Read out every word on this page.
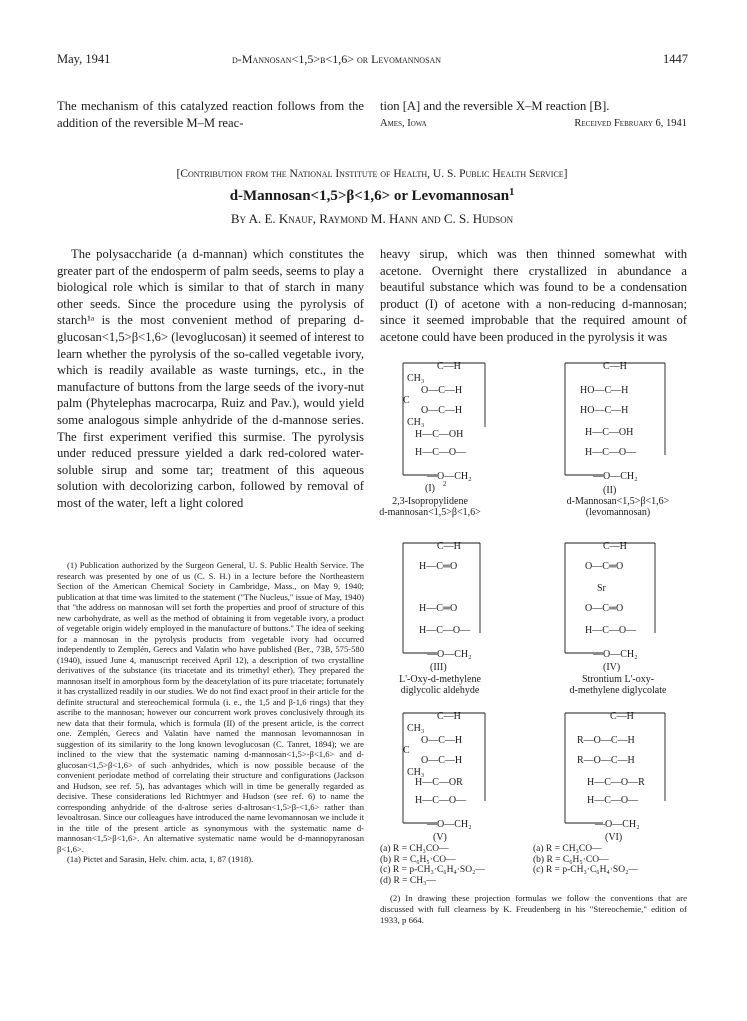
May, 1941	d-Mannosan<1,5>β<1,6> or Levomannosan	1447
The mechanism of this catalyzed reaction follows from the addition of the reversible M–M reac-
tion [A] and the reversible X–M reaction [B].
Ames, Iowa	Received February 6, 1941
[Contribution from the National Institute of Health, U. S. Public Health Service]
d-Mannosan<1,5>β<1,6> or Levomannosan$^1$
By A. E. Knauf, Raymond M. Hann and C. S. Hudson

The polysaccharide (a d-mannan) which constitutes the greater part of the endosperm of palm seeds, seems to play a biological role which is similar to that of starch in many other seeds. Since the procedure using the pyrolysis of starch¹ᵃ is the most convenient method of preparing d-glucosan<1,5>β<1,6> (levoglucosan) it seemed of interest to learn whether the pyrolysis of the so-called vegetable ivory, which is readily available as waste turnings, etc., in the manufacture of buttons from the large seeds of the ivory-nut palm (Phytelephas macrocarpa, Ruiz and Pav.), would yield some analogous simple anhydride of the d-mannose series. The first experiment verified this surmise. The pyrolysis under reduced pressure yielded a dark red-colored water-soluble sirup and some tar; treatment of this aqueous solution with decolorizing carbon, followed by removal of most of the water, left a light colored

(1) Publication authorized by the Surgeon General, U. S. Public Health Service. The research was presented by one of us (C. S. H.) in a lecture before the Northeastern Section of the American Chemical Society in Cambridge, Mass., on May 9, 1940; publication at that time was limited to the statement ("The Nucleus," issue of May, 1940) that "the address on mannosan will set forth the properties and proof of structure of this new carbohydrate, as well as the method of obtaining it from vegetable ivory, a product of vegetable origin widely employed in the manufacture of buttons." The idea of seeking for a mannosan in the pyrolysis products from vegetable ivory had occurred independently to Zemplén, Gerecs and Valatin who have published (Ber., 73B, 575-580 (1940), issued June 4, manuscript received April 12), a description of two crystalline derivatives of the substance (its triacetate and its trimethyl ether). They prepared the mannosan itself in amorphous form by the deacetylation of its pure triacetate; fortunately it has crystallized readily in our studies. We do not find exact proof in their article for the definite structural and stereochemical formula (i. e., the 1,5 and β-1,6 rings) that they ascribe to the mannosan; however our concurrent work proves conclusively through its new data that their formula, which is formula (II) of the present article, is the correct one. Zemplén, Gerecs and Valatin have named the mannosan levomannosan in suggestion of its similarity to the long known levoglucosan (C. Tanret, 1894); we are inclined to the view that the systematic naming d-mannosan<1,5>-β<1,6> and d-glucosan<1,5>β<1,6> of such anhydrides, which is now possible because of the convenient periodate method of correlating their structure and configurations (Jackson and Hudson, see ref. 5), has advantages which will in time be generally regarded as decisive. These considerations led Richtmyer and Hudson (see ref. 6) to name the corresponding anhydride of the d-altrose series d-altrosan<1,5>β-<1,6> rather than levoaltrosan. Since our colleagues have introduced the name levomannosan we include it in the title of the present article as synonymous with the systematic name d-mannosan<1,5>β<1,6>. An alternative systematic name would be d-mannopyranosan β<1,6>.

(1a) Pictet and Sarasin, Helv. chim. acta, 1, 87 (1918).

heavy sirup, which was then thinned somewhat with acetone. Overnight there crystallized in abundance a beautiful substance which was found to be a condensation product (I) of acetone with a non-reducing d-mannosan; since it seemed improbable that the required amount of acetone could have been produced in the pyrolysis it was

C—H
CH₃
O—C—H
C
O—C—H
CH₃
H—C—OH
H—C—O—
—O—CH₂
(I) 2
2,3-Isopropylidene
d-mannosan<1,5>β<1,6>
C—H
HO—C—H
HO—C—H
H—C—OH
H—C—O—
—O—CH₂
(II)
d-Mannosan<1,5>β<1,6>
(levomannosan)
C—H
H—C═O
H—C═O
H—C—O—
—O—CH₂
(III)
L'-Oxy-d-methylene
diglycolic aldehyde
C—H
O—C═O
Sr
O—C═O
H—C—O—
—O—CH₂
(IV)
Strontium L'-oxy-
d-methylene diglycolate
C—H
CH₃
O—C—H
C
O—C—H
CH₃
H—C—OR
H—C—O—
—O—CH₂
(V)
C—H
R—O—C—H
R—O—C—H
H—C—O—R
H—C—O—
—O—CH₂
(VI)
(a) R = CH₃CO—
(b) R = C₆H₅·CO—
(c) R = p-CH₃·C₆H₄·SO₂—
(d) R = CH₃—
(a) R = CH₃CO—
(b) R = C₆H₅·CO—
(c) R = p-CH₃·C₆H₄·SO₂—

(2) In drawing these projection formulas we follow the conventions that are discussed with full clearness by K. Freudenberg in his "Stereochemie," edition of 1933, p 664.
